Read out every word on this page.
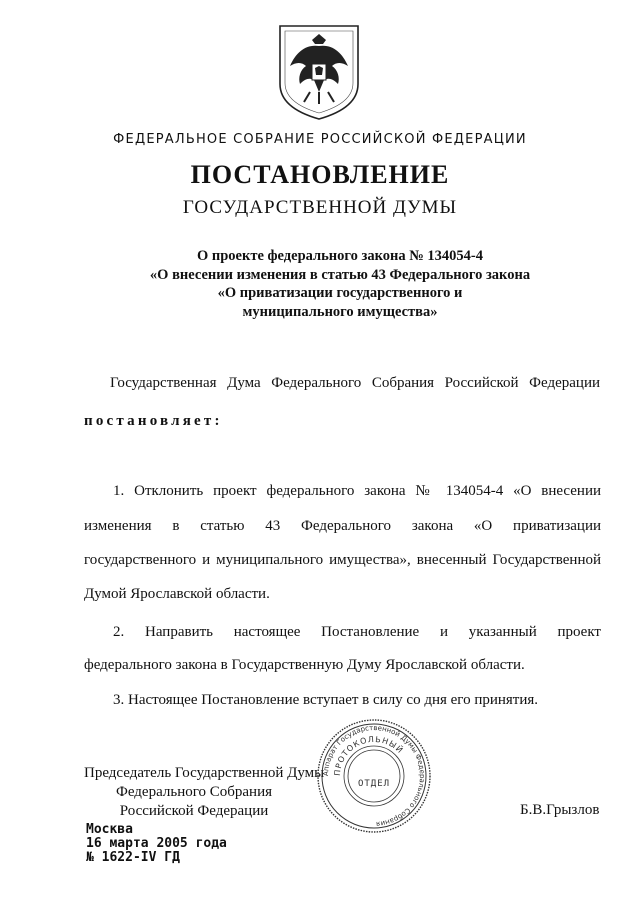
ФЕДЕРАЛЬНОЕ СОБРАНИЕ РОССИЙСКОЙ ФЕДЕРАЦИИ
ПОСТАНОВЛЕНИЕ
ГОСУДАРСТВЕННОЙ ДУМЫ
О проекте федерального закона № 134054-4
«О внесении изменения в статью 43 Федерального закона
«О приватизации государственного и
муниципального имущества»
Государственная Дума Федерального Собрания Российской Федерации
постановляет:
1. Отклонить проект федерального закона № 134054-4 «О внесении
изменения в статью 43 Федерального закона «О приватизации
государственного и муниципального имущества», внесенный Государственной
Думой Ярославской области.
2. Направить настоящее Постановление и указанный проект
федерального закона в Государственную Думу Ярославской области.
3. Настоящее Постановление вступает в силу со дня его принятия.
Председатель Государственной Думы
Федерального Собрания
Российской Федерации
Аппарат Государственной Думы Федерального Собрания
ПРОТОКОЛЬНЫЙ
ОТДЕЛ
Б.В.Грызлов
Москва
16 марта 2005 года
№ 1622-IV ГД
